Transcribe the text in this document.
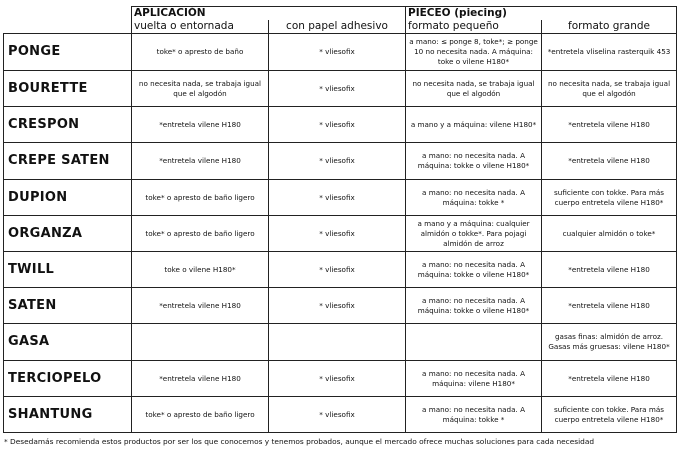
	APLICACIÓN		PIECEO (piecing)	
	vuelta o entornada	con papel adhesivo	formato pequeño	formato grande
PONGE	toke* o apresto de baño	* vliesofix	a mano: ≤ ponge 8, toke*; ≥ ponge 10 no necesita nada. A máquina: toke o vilene H180*	*entretela vliselina rasterquik 453
BOURETTE	no necesita nada, se trabaja igual que el algodón	* vliesofix	no necesita nada, se trabaja igual que el algodón	no necesita nada, se trabaja igual que el algodón
CRESPON	*entretela vilene H180	* vliesofix	a mano y a máquina: vilene H180*	*entretela vilene H180
CREPE SATEN	*entretela vilene H180	* vliesofix	a mano: no necesita nada. A máquina: tokke o vilene H180*	*entretela vilene H180
DUPION	toke* o apresto de baño ligero	* vliesofix	a mano: no necesita nada. A máquina: tokke *	suficiente con tokke. Para más cuerpo entretela vilene H180*
ORGANZA	toke* o apresto de baño ligero	* vliesofix	a mano y a máquina: cualquier almidón o tokke*. Para pojagi almidón de arroz	cualquier almidón o toke*
TWILL	toke o vilene H180*	* vliesofix	a mano: no necesita nada. A máquina: tokke o vilene H180*	*entretela vilene H180
SATEN	*entretela vilene H180	* vliesofix	a mano: no necesita nada. A máquina: tokke o vilene H180*	*entretela vilene H180
GASA				gasas finas: almidón de arroz. Gasas más gruesas: vilene H180*
TERCIOPELO	*entretela vilene H180	* vliesofix	a mano: no necesita nada. A máquina: vilene H180*	*entretela vilene H180
SHANTUNG	toke* o apresto de baño ligero	* vliesofix	a mano: no necesita nada. A máquina: tokke *	suficiente con tokke. Para más cuerpo entretela vilene H180*
* Desedamás recomienda estos productos por ser los que conocemos y tenemos probados, aunque el mercado ofrece muchas soluciones para cada necesidad
